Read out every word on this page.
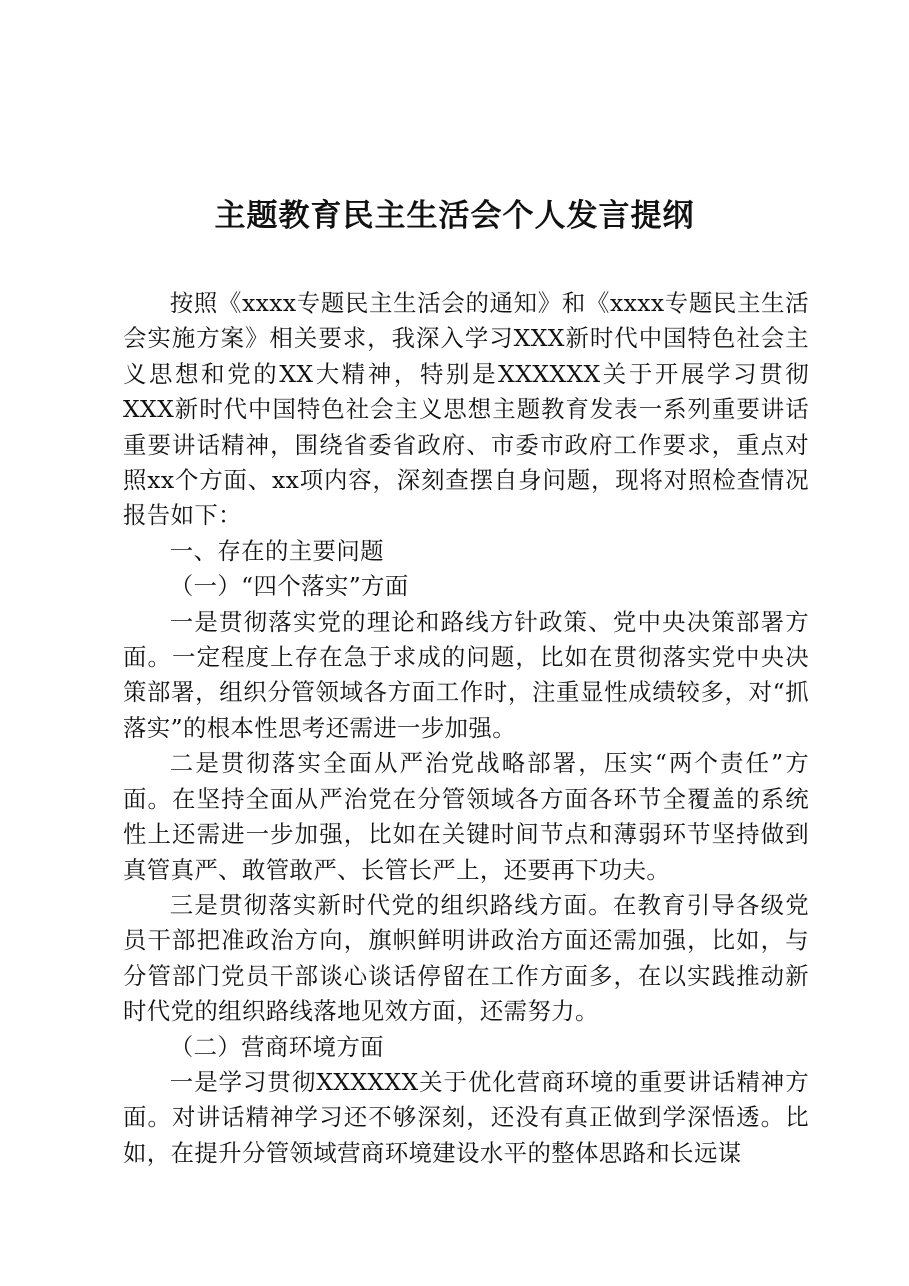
主题教育民主生活会个人发言提纲

按照《xxxx专题民主生活会的通知》和《xxxx专题民主生活会实施方案》相关要求，我深入学习XXX新时代中国特色社会主义思想和党的XX大精神，特别是XXXXXX关于开展学习贯彻XXX新时代中国特色社会主义思想主题教育发表一系列重要讲话重要讲话精神，围绕省委省政府、市委市政府工作要求，重点对照xx个方面、xx项内容，深刻查摆自身问题，现将对照检查情况报告如下：

一、存在的主要问题

（一）“四个落实”方面

一是贯彻落实党的理论和路线方针政策、党中央决策部署方面。一定程度上存在急于求成的问题，比如在贯彻落实党中央决策部署，组织分管领域各方面工作时，注重显性成绩较多，对“抓落实”的根本性思考还需进一步加强。

二是贯彻落实全面从严治党战略部署，压实“两个责任”方面。在坚持全面从严治党在分管领域各方面各环节全覆盖的系统性上还需进一步加强，比如在关键时间节点和薄弱环节坚持做到真管真严、敢管敢严、长管长严上，还要再下功夫。

三是贯彻落实新时代党的组织路线方面。在教育引导各级党员干部把准政治方向，旗帜鲜明讲政治方面还需加强，比如，与分管部门党员干部谈心谈话停留在工作方面多，在以实践推动新时代党的组织路线落地见效方面，还需努力。

（二）营商环境方面

一是学习贯彻XXXXXX关于优化营商环境的重要讲话精神方面。对讲话精神学习还不够深刻，还没有真正做到学深悟透。比如，在提升分管领域营商环境建设水平的整体思路和长远谋
